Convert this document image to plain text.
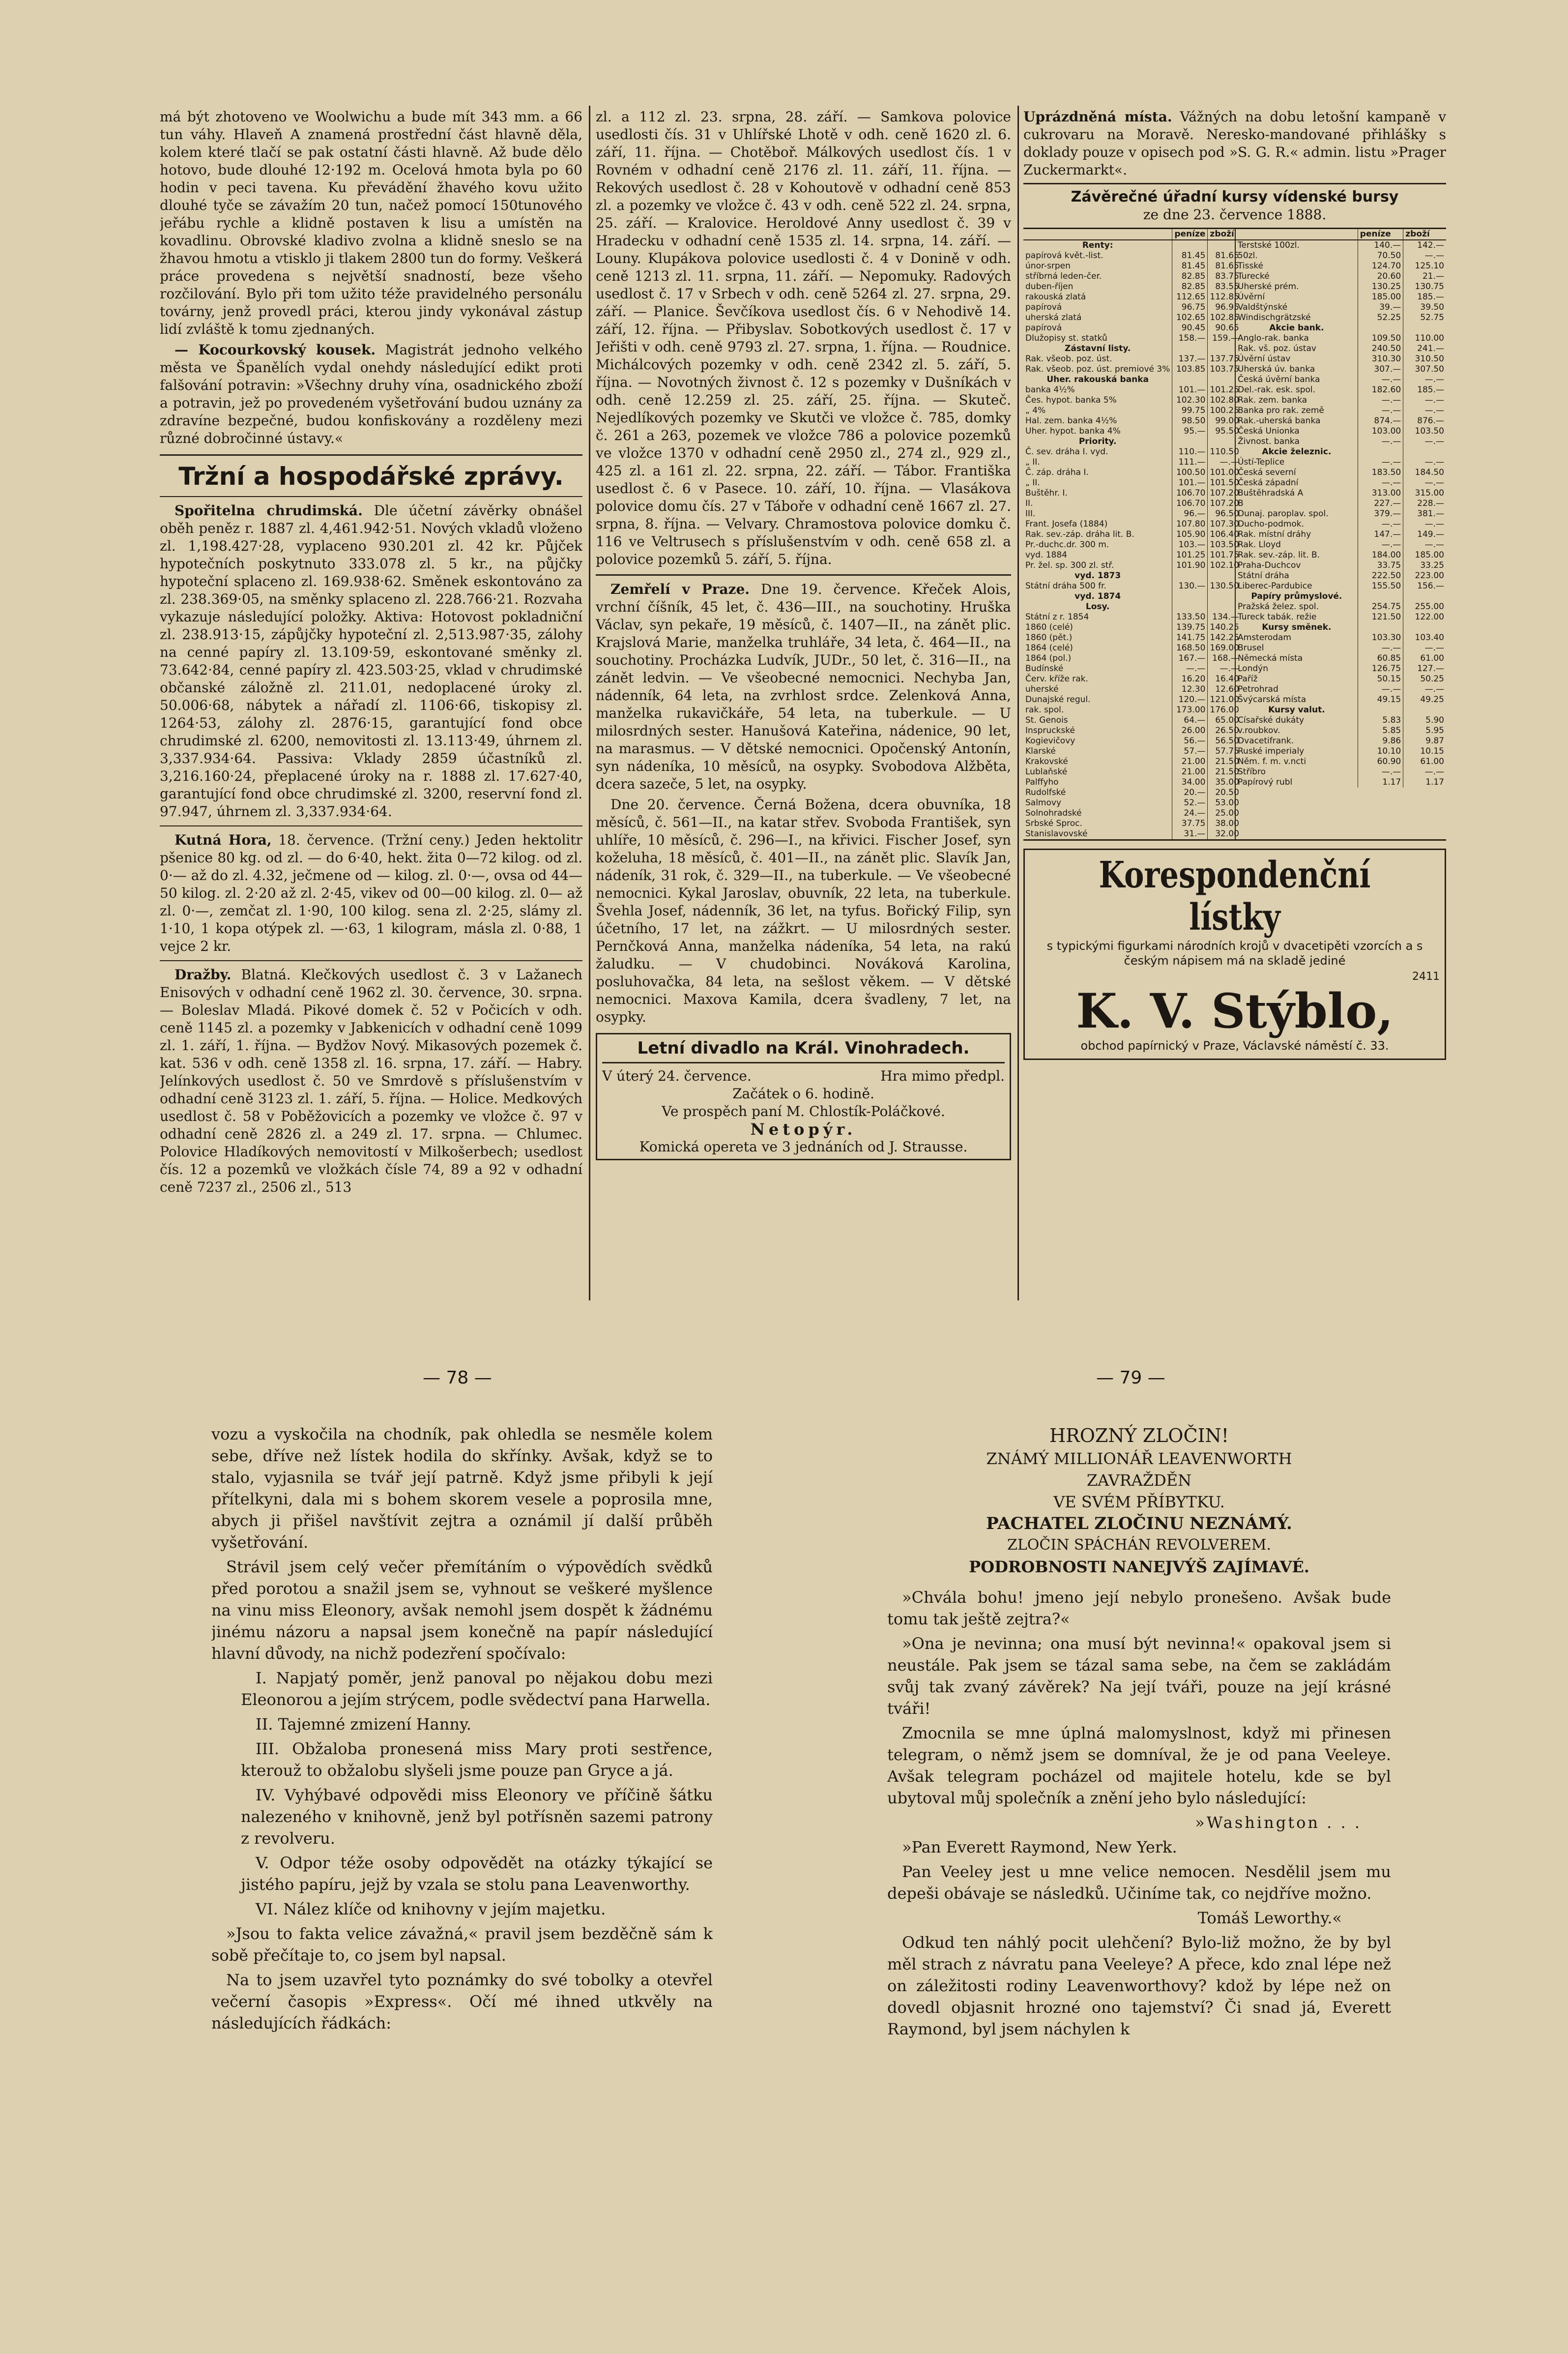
má být zhotoveno ve Woolwichu a bude mít 343 mm. a 66 tun váhy. Hlaveň A znamená prostřední část hlavně děla, kolem které tlačí se pak ostatní části hlavně. Až bude dělo hotovo, bude dlouhé 12·192 m. Ocelová hmota byla po 60 hodin v peci tavena. Ku převádění žhavého kovu užito dlouhé tyče se závažím 20 tun, načež pomocí 150tunového jeřábu rychle a klidně postaven k lisu a umístěn na kovadlinu. Obrovské kladivo zvolna a klidně sneslo se na žhavou hmotu a vtisklo ji tlakem 2800 tun do formy. Veškerá práce provedena s největší snadností, beze všeho rozčilování. Bylo při tom užito téže pravidelného personálu továrny, jenž provedl práci, kterou jindy vykonával zástup lidí zvláště k tomu zjednaných.

— Kocourkovský kousek. Magistrát jednoho velkého města ve Španělích vydal onehdy následující edikt proti falšování potravin: »Všechny druhy vína, osadnického zboží a potravin, jež po provedeném vyšetřování budou uznány za zdravíne bezpečné, budou konfiskovány a rozděleny mezi různé dobročinné ústavy.«

Tržní a hospodářské zprávy.

Spořitelna chrudimská. Dle účetní závěrky obnášel oběh peněz r. 1887 zl. 4,461.942·51. Nových vkladů vloženo zl. 1,198.427·28, vyplaceno 930.201 zl. 42 kr. Půjček hypotečních poskytnuto 333.078 zl. 5 kr., na půjčky hypoteční splaceno zl. 169.938·62. Směnek eskontováno za zl. 238.369·05, na směnky splaceno zl. 228.766·21. Rozvaha vykazuje následující položky. Aktiva: Hotovost pokladniční zl. 238.913·15, zápůjčky hypoteční zl. 2,513.987·35, zálohy na cenné papíry zl. 13.109·59, eskontované směnky zl. 73.642·84, cenné papíry zl. 423.503·25, vklad v chrudimské občanské záložně zl. 211.01, nedoplacené úroky zl. 50.006·68, nábytek a nářadí zl. 1106·66, tiskopisy zl. 1264·53, zálohy zl. 2876·15, garantující fond obce chrudimské zl. 6200, nemovitosti zl. 13.113·49, úhrnem zl. 3,337.934·64. Passiva: Vklady 2859 účastníků zl. 3,216.160·24, přeplacené úroky na r. 1888 zl. 17.627·40, garantující fond obce chrudimské zl. 3200, reservní fond zl. 97.947, úhrnem zl. 3,337.934·64.

Kutná Hora, 18. července. (Tržní ceny.) Jeden hektolitr pšenice 80 kg. od zl. — do 6·40, hekt. žita 0—72 kilog. od zl. 0·— až do zl. 4.32, ječmene od — kilog. zl. 0·—, ovsa od 44—50 kilog. zl. 2·20 až zl. 2·45, vikev od 00—00 kilog. zl. 0— až zl. 0·—, zemčat zl. 1·90, 100 kilog. sena zl. 2·25, slámy zl. 1·10, 1 kopa otýpek zl. —·63, 1 kilogram, másla zl. 0·88, 1 vejce 2 kr.

Dražby. Blatná. Klečkových usedlost č. 3 v Lažanech Enisových v odhadní ceně 1962 zl. 30. července, 30. srpna. — Boleslav Mladá. Pikové domek č. 52 v Počicích v odh. ceně 1145 zl. a pozemky v Jabkenicích v odhadní ceně 1099 zl. 1. září, 1. října. — Bydžov Nový. Mikasových pozemek č. kat. 536 v odh. ceně 1358 zl. 16. srpna, 17. září. — Habry. Jelínkových usedlost č. 50 ve Smrdově s příslušenstvím v odhadní ceně 3123 zl. 1. září, 5. října. — Holice. Medkových usedlost č. 58 v Poběžovicích a pozemky ve vložce č. 97 v odhadní ceně 2826 zl. a 249 zl. 17. srpna. — Chlumec. Polovice Hladíkových nemovitostí v Milkošerbech; usedlost čís. 12 a pozemků ve vložkách čísle 74, 89 a 92 v odhadní ceně 7237 zl., 2506 zl., 513

zl. a 112 zl. 23. srpna, 28. září. — Samkova polovice usedlosti čís. 31 v Uhlířské Lhotě v odh. ceně 1620 zl. 6. září, 11. října. — Chotěboř. Málkových usedlost čís. 1 v Rovném v odhadní ceně 2176 zl. 11. září, 11. října. — Rekových usedlost č. 28 v Kohoutově v odhadní ceně 853 zl. a pozemky ve vložce č. 43 v odh. ceně 522 zl. 24. srpna, 25. září. — Kralovice. Heroldové Anny usedlost č. 39 v Hradecku v odhadní ceně 1535 zl. 14. srpna, 14. září. — Louny. Klupákova polovice usedlosti č. 4 v Donině v odh. ceně 1213 zl. 11. srpna, 11. září. — Nepomuky. Radových usedlost č. 17 v Srbech v odh. ceně 5264 zl. 27. srpna, 29. září. — Planice. Ševčíkova usedlost čís. 6 v Nehodivě 14. září, 12. října. — Přibyslav. Sobotkových usedlost č. 17 v Jeřišti v odh. ceně 9793 zl. 27. srpna, 1. října. — Roudnice. Michálcových pozemky v odh. ceně 2342 zl. 5. září, 5. října. — Novotných živnost č. 12 s pozemky v Dušníkách v odh. ceně 12.259 zl. 25. září, 25. října. — Skuteč. Nejedlíkových pozemky ve Skutči ve vložce č. 785, domky č. 261 a 263, pozemek ve vložce 786 a polovice pozemků ve vložce 1370 v odhadní ceně 2950 zl., 274 zl., 929 zl., 425 zl. a 161 zl. 22. srpna, 22. září. — Tábor. Františka usedlost č. 6 v Pasece. 10. září, 10. října. — Vlasákova polovice domu čís. 27 v Táboře v odhadní ceně 1667 zl. 27. srpna, 8. října. — Velvary. Chramostova polovice domku č. 116 ve Veltrusech s příslušenstvím v odh. ceně 658 zl. a polovice pozemků 5. září, 5. října.

Zemřelí v Praze. Dne 19. července. Křeček Alois, vrchní číšník, 45 let, č. 436—III., na souchotiny. Hruška Václav, syn pekaře, 19 měsíců, č. 1407—II., na zánět plic. Krajslová Marie, manželka truhláře, 34 leta, č. 464—II., na souchotiny. Procházka Ludvík, JUDr., 50 let, č. 316—II., na zánět ledvin. — Ve všeobecné nemocnici. Nechyba Jan, nádenník, 64 leta, na zvrhlost srdce. Zelenková Anna, manželka rukavičkáře, 54 leta, na tuberkule. — U milosrdných sester. Hanušová Kateřina, nádenice, 90 let, na marasmus. — V dětské nemocnici. Opočenský Antonín, syn nádeníka, 10 měsíců, na osypky. Svobodova Alžběta, dcera sazeče, 5 let, na osypky.

Dne 20. července. Černá Božena, dcera obuvníka, 18 měsíců, č. 561—II., na katar střev. Svoboda František, syn uhlíře, 10 měsíců, č. 296—I., na křivici. Fischer Josef, syn koželuha, 18 měsíců, č. 401—II., na zánět plic. Slavík Jan, nádeník, 31 rok, č. 329—II., na tuberkule. — Ve všeobecné nemocnici. Kykal Jaroslav, obuvník, 22 leta, na tuberkule. Švehla Josef, nádenník, 36 let, na tyfus. Bořický Filip, syn účetního, 17 let, na zážkrt. — U milosrdných sester. Pernčková Anna, manželka nádeníka, 54 leta, na rakú žaludku. — V chudobinci. Nováková Karolina, posluhovačka, 84 leta, na sešlost věkem. — V dětské nemocnici. Maxova Kamila, dcera švadleny, 7 let, na osypky.

Letní divadlo na Král. Vinohradech.
V úterý 24. července.	Hra mimo předpl.
Začátek o 6. hodině.
Ve prospěch paní M. Chlostík-Poláčkové.
Netopýr.
Komická opereta ve 3 jednáních od J. Strausse.

Uprázdněná místa. Vážných na dobu letošní kampaně v cukrovaru na Moravě. Neresko-mandované přihlášky s doklady pouze v opisech pod »S. G. R.« admin. listu »Prager Zuckermarkt«.

Závěrečné úřadní kursy vídenské bursy
ze dne 23. července 1888.
	peníze	zboží
Renty:		
papírová květ.-list.	81.45	81.65
únor-srpen	81.45	81.65
stříbrná leden-čer.	82.85	83.75
duben-říjen	82.85	83.55
rakouská zlatá	112.65	112.85
papírová	96.75	96.95
uherská zlatá	102.65	102.85
papírová	90.45	90.65
Dlužopisy st. statků	158.—	159.—
Zástavní listy.		
Rak. všeob. poz. úst.	137.—	137.75
Rak. všeob. poz. úst. premiové 3%	103.85	103.75
Uher. rakouská banka		
banka 4½%	101.—	101.25
Čes. hypot. banka 5%	102.30	102.80
„ 4%	99.75	100.25
Hal. zem. banka 4½%	98.50	99.00
Uher. hypot. banka 4%	95.—	95.50
Priority.		
Č. sev. dráha I. vyd.	110.—	110.50
„ II.	111.—	—.—
Č. záp. dráha I.	100.50	101.00
„ II.	101.—	101.50
Buštěhr. I.	106.70	107.20
II.	106.70	107.20
III.	96.—	96.50
Frant. Josefa (1884)	107.80	107.30
Rak. sev.-záp. dráha lit. B.	105.90	106.40
Pr.-duchc.dr. 300 m.	103.—	103.50
vyd. 1884	101.25	101.75
Pr. žel. sp. 300 zl. stř.	101.90	102.10
vyd. 1873		
Státní dráha 500 fr.	130.—	130.50
vyd. 1874		
Losy.		
Státní z r. 1854	133.50	134.—
1860 (celé)	139.75	140.25
1860 (pět.)	141.75	142.25
1864 (celé)	168.50	169.00
1864 (pol.)	167.—	168.—
Budínské	—.—	—.—
Červ. kříže rak.	16.20	16.40
uherské	12.30	12.60
Dunajské regul.	120.—	121.00
rak. spol.	173.00	176.00
St. Genois	64.—	65.00
Inspruckské	26.00	26.50
Kogievičovy	56.—	56.50
Klarské	57.—	57.75
Krakovské	21.00	21.50
Lublaňské	21.00	21.50
Palffyho	34.00	35.00
Rudolfské	20.—	20.50
Salmovy	52.—	53.00
Solnohradské	24.—	25.00
Srbské Sproc.	37.75	38.00
Stanislavovské	31.—	32.00
	peníze	zboží
Terstské 100zl.	140.—	142.—
50zl.	70.50	—.—
Tisské	124.70	125.10
Turecké	20.60	21.—
Uherské prém.	130.25	130.75
Úvěrní	185.00	185.—
Valdštýnské	39.—	39.50
Windischgrätzské	52.25	52.75
Akcie bank.		
Anglo-rak. banka	109.50	110.00
Rak. vš. poz. ústav	240.50	241.—
Úvěrní ústav	310.30	310.50
Uherská úv. banka	307.—	307.50
Česká úvěrní banka	—.—	—.—
Del.-rak. esk. spol.	182.60	185.—
Rak. zem. banka	—.—	—.—
Banka pro rak. země	—.—	—.—
Rak.-uherská banka	874.—	876.—
Česká Unionka	103.00	103.50
Živnost. banka	—.—	—.—
Akcie železnic.		
Ústí-Teplice	—.—	—.—
Česká severní	183.50	184.50
Česká západní	—.—	—.—
Buštěhradská A	313.00	315.00
B	227.—	228.—
Dunaj. paroplav. spol.	379.—	381.—
Ducho-podmok.	—.—	—.—
Rak. místní dráhy	147.—	149.—
Rak. Lloyd	—.—	—.—
Rak. sev.-záp. lit. B.	184.00	185.00
Praha-Duchcov	33.75	33.25
Státní dráha	222.50	223.00
Liberec-Pardubice	155.50	156.—
Papíry průmyslové.		
Pražská želez. spol.	254.75	255.00
Tureck tabák. režie	121.50	122.00
Kursy směnek.		
Amsterodam	103.30	103.40
Brusel	—.—	—.—
Německá místa	60.85	61.00
Londýn	126.75	127.—
Paříž	50.15	50.25
Petrohrad	—.—	—.—
Švýcarská místa	49.15	49.25
Kursy valut.		
Císařské dukáty	5.83	5.90
v.roubkov.	5.85	5.95
Dvacetifrank.	9.86	9.87
Ruské imperialy	10.10	10.15
Něm. f. m. v.ncti	60.90	61.00
Stříbro	—.—	—.—
Papírový rubl	1.17	1.17
Korespondenční lístky
s typickými figurkami národních krojů v dvacetipěti vzorcích a s českým nápisem má na skladě jediné
2411
K. V. Stýblo,
obchod papírnický v Praze, Václavské náměstí č. 33.
— 78 —	— 79 —

vozu a vyskočila na chodník, pak ohledla se nesměle kolem sebe, dříve než lístek hodila do skřínky. Avšak, když se to stalo, vyjasnila se tvář její patrně. Když jsme přibyli k její přítelkyni, dala mi s bohem skorem vesele a poprosila mne, abych ji přišel navštívit zejtra a oznámil jí další průběh vyšetřování.

Strávil jsem celý večer přemítáním o výpovědích svědků před porotou a snažil jsem se, vyhnout se veškeré myšlence na vinu miss Eleonory, avšak nemohl jsem dospět k žádnému jinému názoru a napsal jsem konečně na papír následující hlavní důvody, na nichž podezření spočívalo:

I. Napjatý poměr, jenž panoval po nějakou dobu mezi Eleonorou a jejím strýcem, podle svědectví pana Harwella.

II. Tajemné zmizení Hanny.

III. Obžaloba pronesená miss Mary proti sestřence, kterouž to obžalobu slyšeli jsme pouze pan Gryce a já.

IV. Vyhýbavé odpovědi miss Eleonory ve příčině šátku nalezeného v knihovně, jenž byl potřísněn sazemi patrony z revolveru.

V. Odpor téže osoby odpovědět na otázky týkající se jistého papíru, jejž by vzala se stolu pana Leavenworthy.

VI. Nález klíče od knihovny v jejím majetku.

»Jsou to fakta velice závažná,« pravil jsem bezděčně sám k sobě přečítaje to, co jsem byl napsal.

Na to jsem uzavřel tyto poznámky do své tobolky a otevřel večerní časopis »Express«. Očí mé ihned utkvěly na následujících řádkách:

HROZNÝ ZLOČIN!
ZNÁMÝ MILLIONÁŘ LEAVENWORTH
ZAVRAŽDĚN
VE SVÉM PŘÍBYTKU.
PACHATEL ZLOČINU NEZNÁMÝ.
ZLOČIN SPÁCHÁN REVOLVEREM.
PODROBNOSTI NANEJVÝŠ ZAJÍMAVÉ.

»Chvála bohu! jmeno její nebylo pronešeno. Avšak bude tomu tak ještě zejtra?«

»Ona je nevinna; ona musí být nevinna!« opakoval jsem si neustále. Pak jsem se tázal sama sebe, na čem se zakládám svůj tak zvaný závěrek? Na její tváři, pouze na její krásné tváři!

Zmocnila se mne úplná malomyslnost, když mi přinesen telegram, o němž jsem se domníval, že je od pana Veeleye. Avšak telegram pocházel od majitele hotelu, kde se byl ubytoval můj společník a znění jeho bylo následující:

»Washington . . .

»Pan Everett Raymond, New Yerk.

Pan Veeley jest u mne velice nemocen. Nesdělil jsem mu depeši obávaje se následků. Učiníme tak, co nejdříve možno.

Tomáš Leworthy.«

Odkud ten náhlý pocit ulehčení? Bylo-liž možno, že by byl měl strach z návratu pana Veeleye? A přece, kdo znal lépe než on záležitosti rodiny Leavenworthovy? kdož by lépe než on dovedl objasnit hrozné ono tajemství? Či snad já, Everett Raymond, byl jsem náchylen k
